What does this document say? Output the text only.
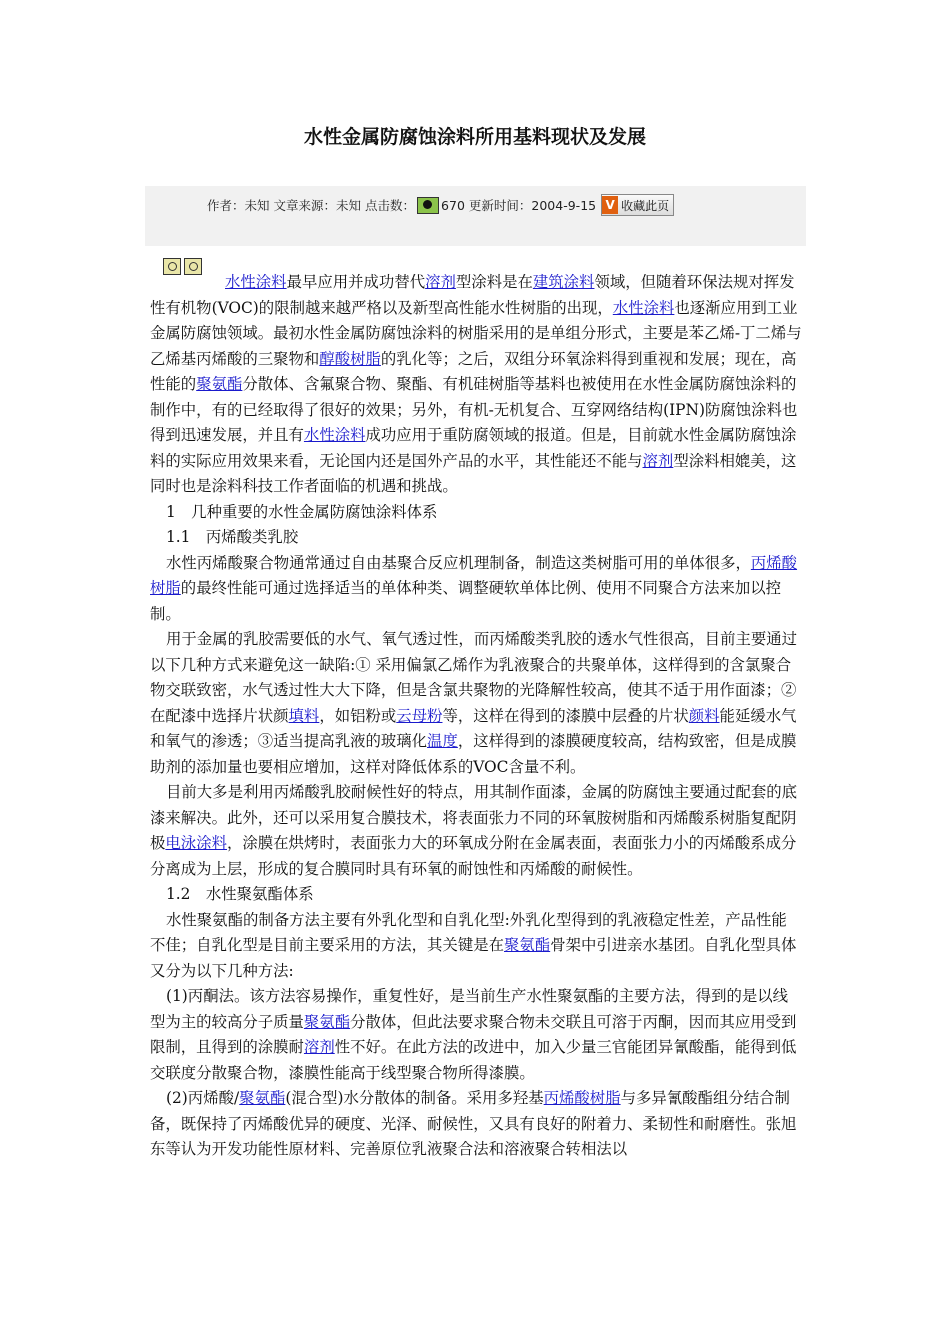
水性金属防腐蚀涂料所用基料现状及发展
作者：未知 文章来源：未知 点击数： 670 更新时间：2004-9-15 V 收藏此页

水性涂料最早应用并成功替代溶剂型涂料是在建筑涂料领域，但随着环保法规对挥发性有机物(VOC)的限制越来越严格以及新型高性能水性树脂的出现，水性涂料也逐渐应用到工业金属防腐蚀领域。最初水性金属防腐蚀涂料的树脂采用的是单组分形式，主要是苯乙烯-丁二烯与乙烯基丙烯酸的三聚物和醇酸树脂的乳化等；之后，双组分环氧涂料得到重视和发展；现在，高性能的聚氨酯分散体、含氟聚合物、聚酯、有机硅树脂等基料也被使用在水性金属防腐蚀涂料的制作中，有的已经取得了很好的效果；另外，有机-无机复合、互穿网络结构(IPN)防腐蚀涂料也得到迅速发展，并且有水性涂料成功应用于重防腐领域的报道。但是，目前就水性金属防腐蚀涂料的实际应用效果来看，无论国内还是国外产品的水平，其性能还不能与溶剂型涂料相媲美，这同时也是涂料科技工作者面临的机遇和挑战。

1　几种重要的水性金属防腐蚀涂料体系

1.1　丙烯酸类乳胶

水性丙烯酸聚合物通常通过自由基聚合反应机理制备，制造这类树脂可用的单体很多，丙烯酸树脂的最终性能可通过选择适当的单体种类、调整硬软单体比例、使用不同聚合方法来加以控制。

用于金属的乳胶需要低的水气、氧气透过性，而丙烯酸类乳胶的透水气性很高，目前主要通过以下几种方式来避免这一缺陷:① 采用偏氯乙烯作为乳液聚合的共聚单体，这样得到的含氯聚合物交联致密，水气透过性大大下降，但是含氯共聚物的光降解性较高，使其不适于用作面漆；②在配漆中选择片状颜填料，如铝粉或云母粉等，这样在得到的漆膜中层叠的片状颜料能延缓水气和氧气的渗透；③适当提高乳液的玻璃化温度，这样得到的漆膜硬度较高，结构致密，但是成膜助剂的添加量也要相应增加，这样对降低体系的VOC含量不利。

目前大多是利用丙烯酸乳胶耐候性好的特点，用其制作面漆，金属的防腐蚀主要通过配套的底漆来解决。此外，还可以采用复合膜技术，将表面张力不同的环氧胺树脂和丙烯酸系树脂复配阴极电泳涂料，涂膜在烘烤时，表面张力大的环氧成分附在金属表面，表面张力小的丙烯酸系成分分离成为上层，形成的复合膜同时具有环氧的耐蚀性和丙烯酸的耐候性。

1.2　水性聚氨酯体系

水性聚氨酯的制备方法主要有外乳化型和自乳化型:外乳化型得到的乳液稳定性差，产品性能不佳；自乳化型是目前主要采用的方法，其关键是在聚氨酯骨架中引进亲水基团。自乳化型具体又分为以下几种方法:

(1)丙酮法。该方法容易操作，重复性好，是当前生产水性聚氨酯的主要方法，得到的是以线型为主的较高分子质量聚氨酯分散体，但此法要求聚合物未交联且可溶于丙酮，因而其应用受到限制，且得到的涂膜耐溶剂性不好。在此方法的改进中，加入少量三官能团异氰酸酯，能得到低交联度分散聚合物，漆膜性能高于线型聚合物所得漆膜。

(2)丙烯酸/聚氨酯(混合型)水分散体的制备。采用多羟基丙烯酸树脂与多异氰酸酯组分结合制备，既保持了丙烯酸优异的硬度、光泽、耐候性，又具有良好的附着力、柔韧性和耐磨性。张旭东等认为开发功能性原材料、完善原位乳液聚合法和溶液聚合转相法以
